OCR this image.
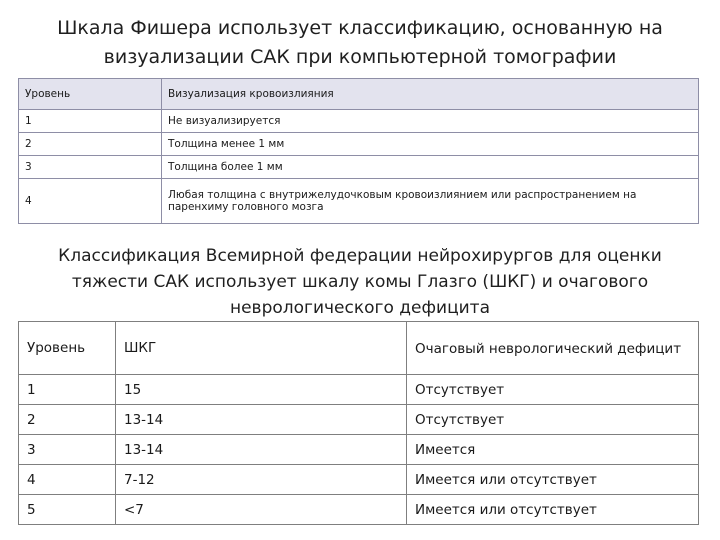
Шкала Фишера использует классификацию, основанную на визуализации САК при компьютерной томографии
Уровень	Визуализация кровоизлияния
1	Не визуализируется
2	Толщина менее 1 мм
3	Толщина более 1 мм
4	Любая толщина с внутрижелудочковым кровоизлиянием или распространением на паренхиму головного мозга
Классификация Всемирной федерации нейрохирургов для оценки тяжести САК использует шкалу комы Глазго (ШКГ) и очагового неврологического дефицита
Уровень	ШКГ	Очаговый неврологический дефицит
1	15	Отсутствует
2	13-14	Отсутствует
3	13-14	Имеется
4	7-12	Имеется или отсутствует
5	<7	Имеется или отсутствует
